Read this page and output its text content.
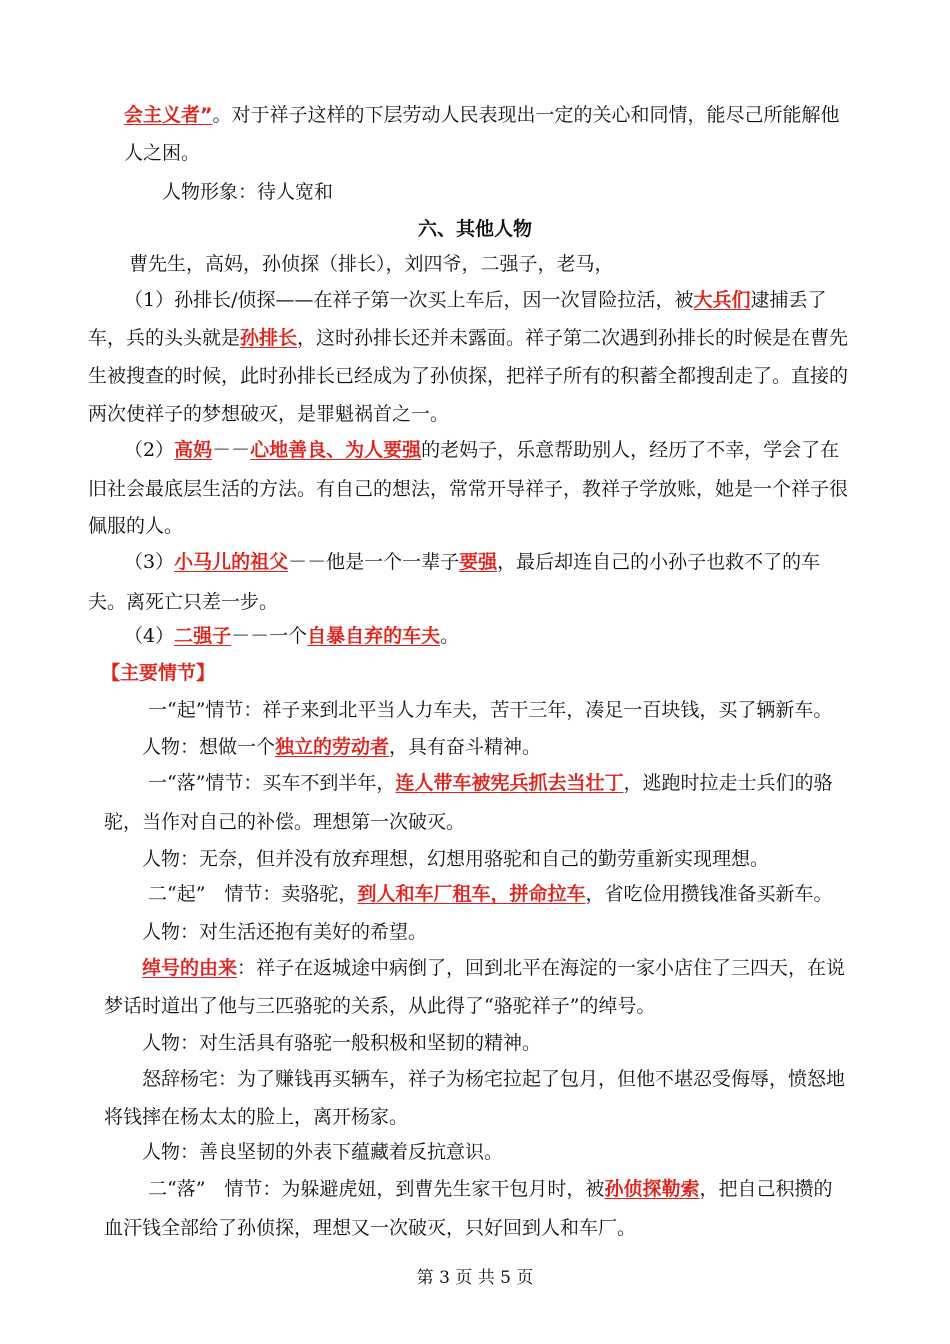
会主义者”。对于祥子这样的下层劳动人民表现出一定的关心和同情，能尽己所能解他
人之困。
人物形象：待人宽和
六、其他人物
曹先生，高妈，孙侦探（排长），刘四爷，二强子，老马，
（1）孙排长/侦探——在祥子第一次买上车后，因一次冒险拉活，被大兵们逮捕丢了
车，兵的头头就是孙排长，这时孙排长还并未露面。祥子第二次遇到孙排长的时候是在曹先
生被搜查的时候，此时孙排长已经成为了孙侦探，把祥子所有的积蓄全都搜刮走了。直接的
两次使祥子的梦想破灭，是罪魁祸首之一。
（2）高妈－－心地善良、为人要强的老妈子，乐意帮助别人，经历了不幸，学会了在
旧社会最底层生活的方法。有自己的想法，常常开导祥子，教祥子学放账，她是一个祥子很
佩服的人。
（3）小马儿的祖父－－他是一个一辈子要强，最后却连自己的小孙子也救不了的车
夫。离死亡只差一步。
（4）二强子－－一个自暴自弃的车夫。
【主要情节】
一“起”情节：祥子来到北平当人力车夫，苦干三年，凑足一百块钱，买了辆新车。
人物：想做一个独立的劳动者，具有奋斗精神。
一“落”情节：买车不到半年，连人带车被宪兵抓去当壮丁，逃跑时拉走士兵们的骆
驼，当作对自己的补偿。理想第一次破灭。
人物：无奈，但并没有放弃理想，幻想用骆驼和自己的勤劳重新实现理想。
二“起”　情节：卖骆驼，到人和车厂租车，拼命拉车，省吃俭用攒钱准备买新车。
人物：对生活还抱有美好的希望。
绰号的由来：祥子在返城途中病倒了，回到北平在海淀的一家小店住了三四天，在说
梦话时道出了他与三匹骆驼的关系，从此得了“骆驼祥子”的绰号。
人物：对生活具有骆驼一般积极和坚韧的精神。
怒辞杨宅：为了赚钱再买辆车，祥子为杨宅拉起了包月，但他不堪忍受侮辱，愤怒地
将钱摔在杨太太的脸上，离开杨家。
人物：善良坚韧的外表下蕴藏着反抗意识。
二“落”　情节：为躲避虎妞，到曹先生家干包月时，被孙侦探勒索，把自己积攒的
血汗钱全部给了孙侦探，理想又一次破灭，只好回到人和车厂。
第 3 页 共 5 页
